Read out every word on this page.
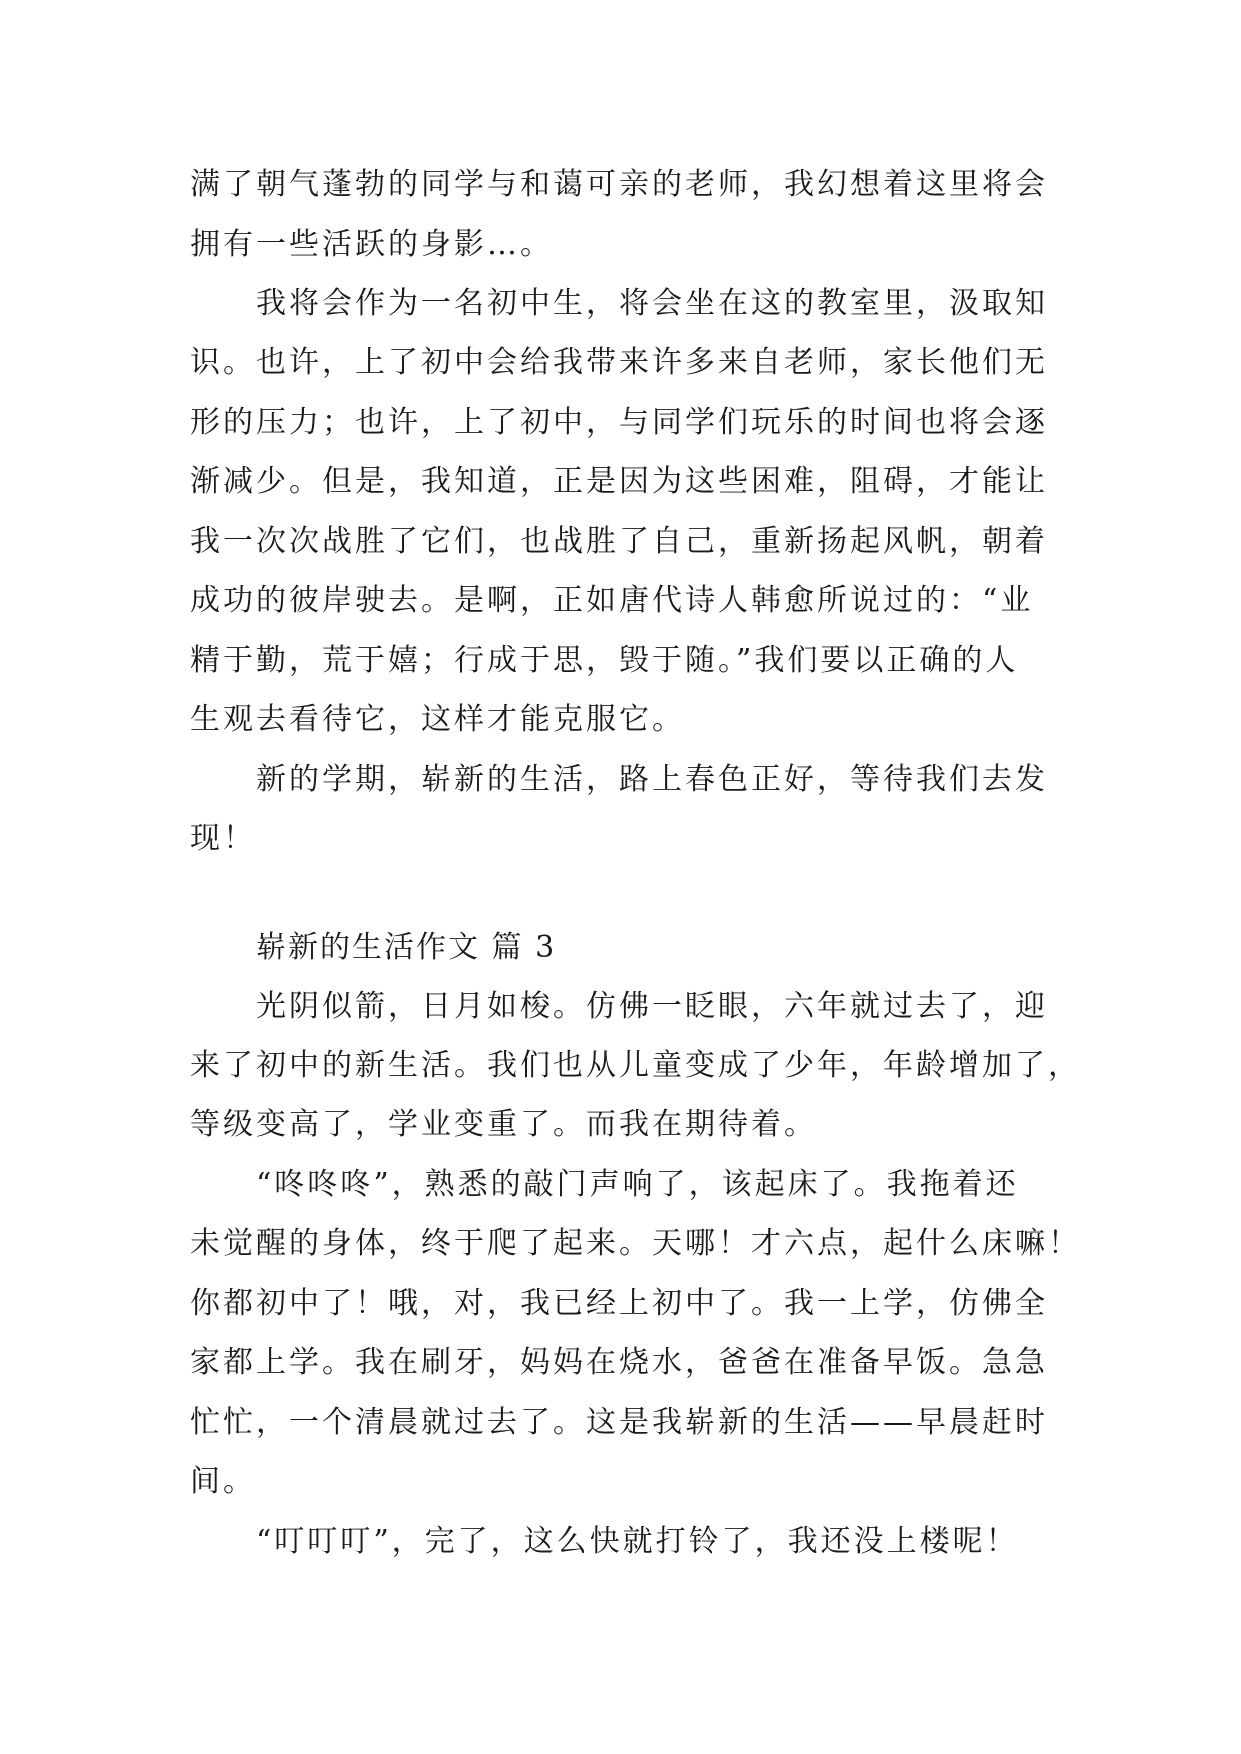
满了朝气蓬勃的同学与和蔼可亲的老师，我幻想着这里将会
拥有一些活跃的身影…。
我将会作为一名初中生，将会坐在这的教室里，汲取知
识。也许，上了初中会给我带来许多来自老师，家长他们无
形的压力；也许，上了初中，与同学们玩乐的时间也将会逐
渐减少。但是，我知道，正是因为这些困难，阻碍，才能让
我一次次战胜了它们，也战胜了自己，重新扬起风帆，朝着
成功的彼岸驶去。是啊，正如唐代诗人韩愈所说过的：“业
精于勤，荒于嬉；行成于思，毁于随。”我们要以正确的人
生观去看待它，这样才能克服它。
新的学期，崭新的生活，路上春色正好，等待我们去发
现！
崭新的生活作文 篇 3
光阴似箭，日月如梭。仿佛一眨眼，六年就过去了，迎
来了初中的新生活。我们也从儿童变成了少年，年龄增加了，
等级变高了，学业变重了。而我在期待着。
“咚咚咚”，熟悉的敲门声响了，该起床了。我拖着还
未觉醒的身体，终于爬了起来。天哪！才六点，起什么床嘛！
你都初中了！哦，对，我已经上初中了。我一上学，仿佛全
家都上学。我在刷牙，妈妈在烧水，爸爸在准备早饭。急急
忙忙，一个清晨就过去了。这是我崭新的生活——早晨赶时
间。
“叮叮叮”，完了，这么快就打铃了，我还没上楼呢！
